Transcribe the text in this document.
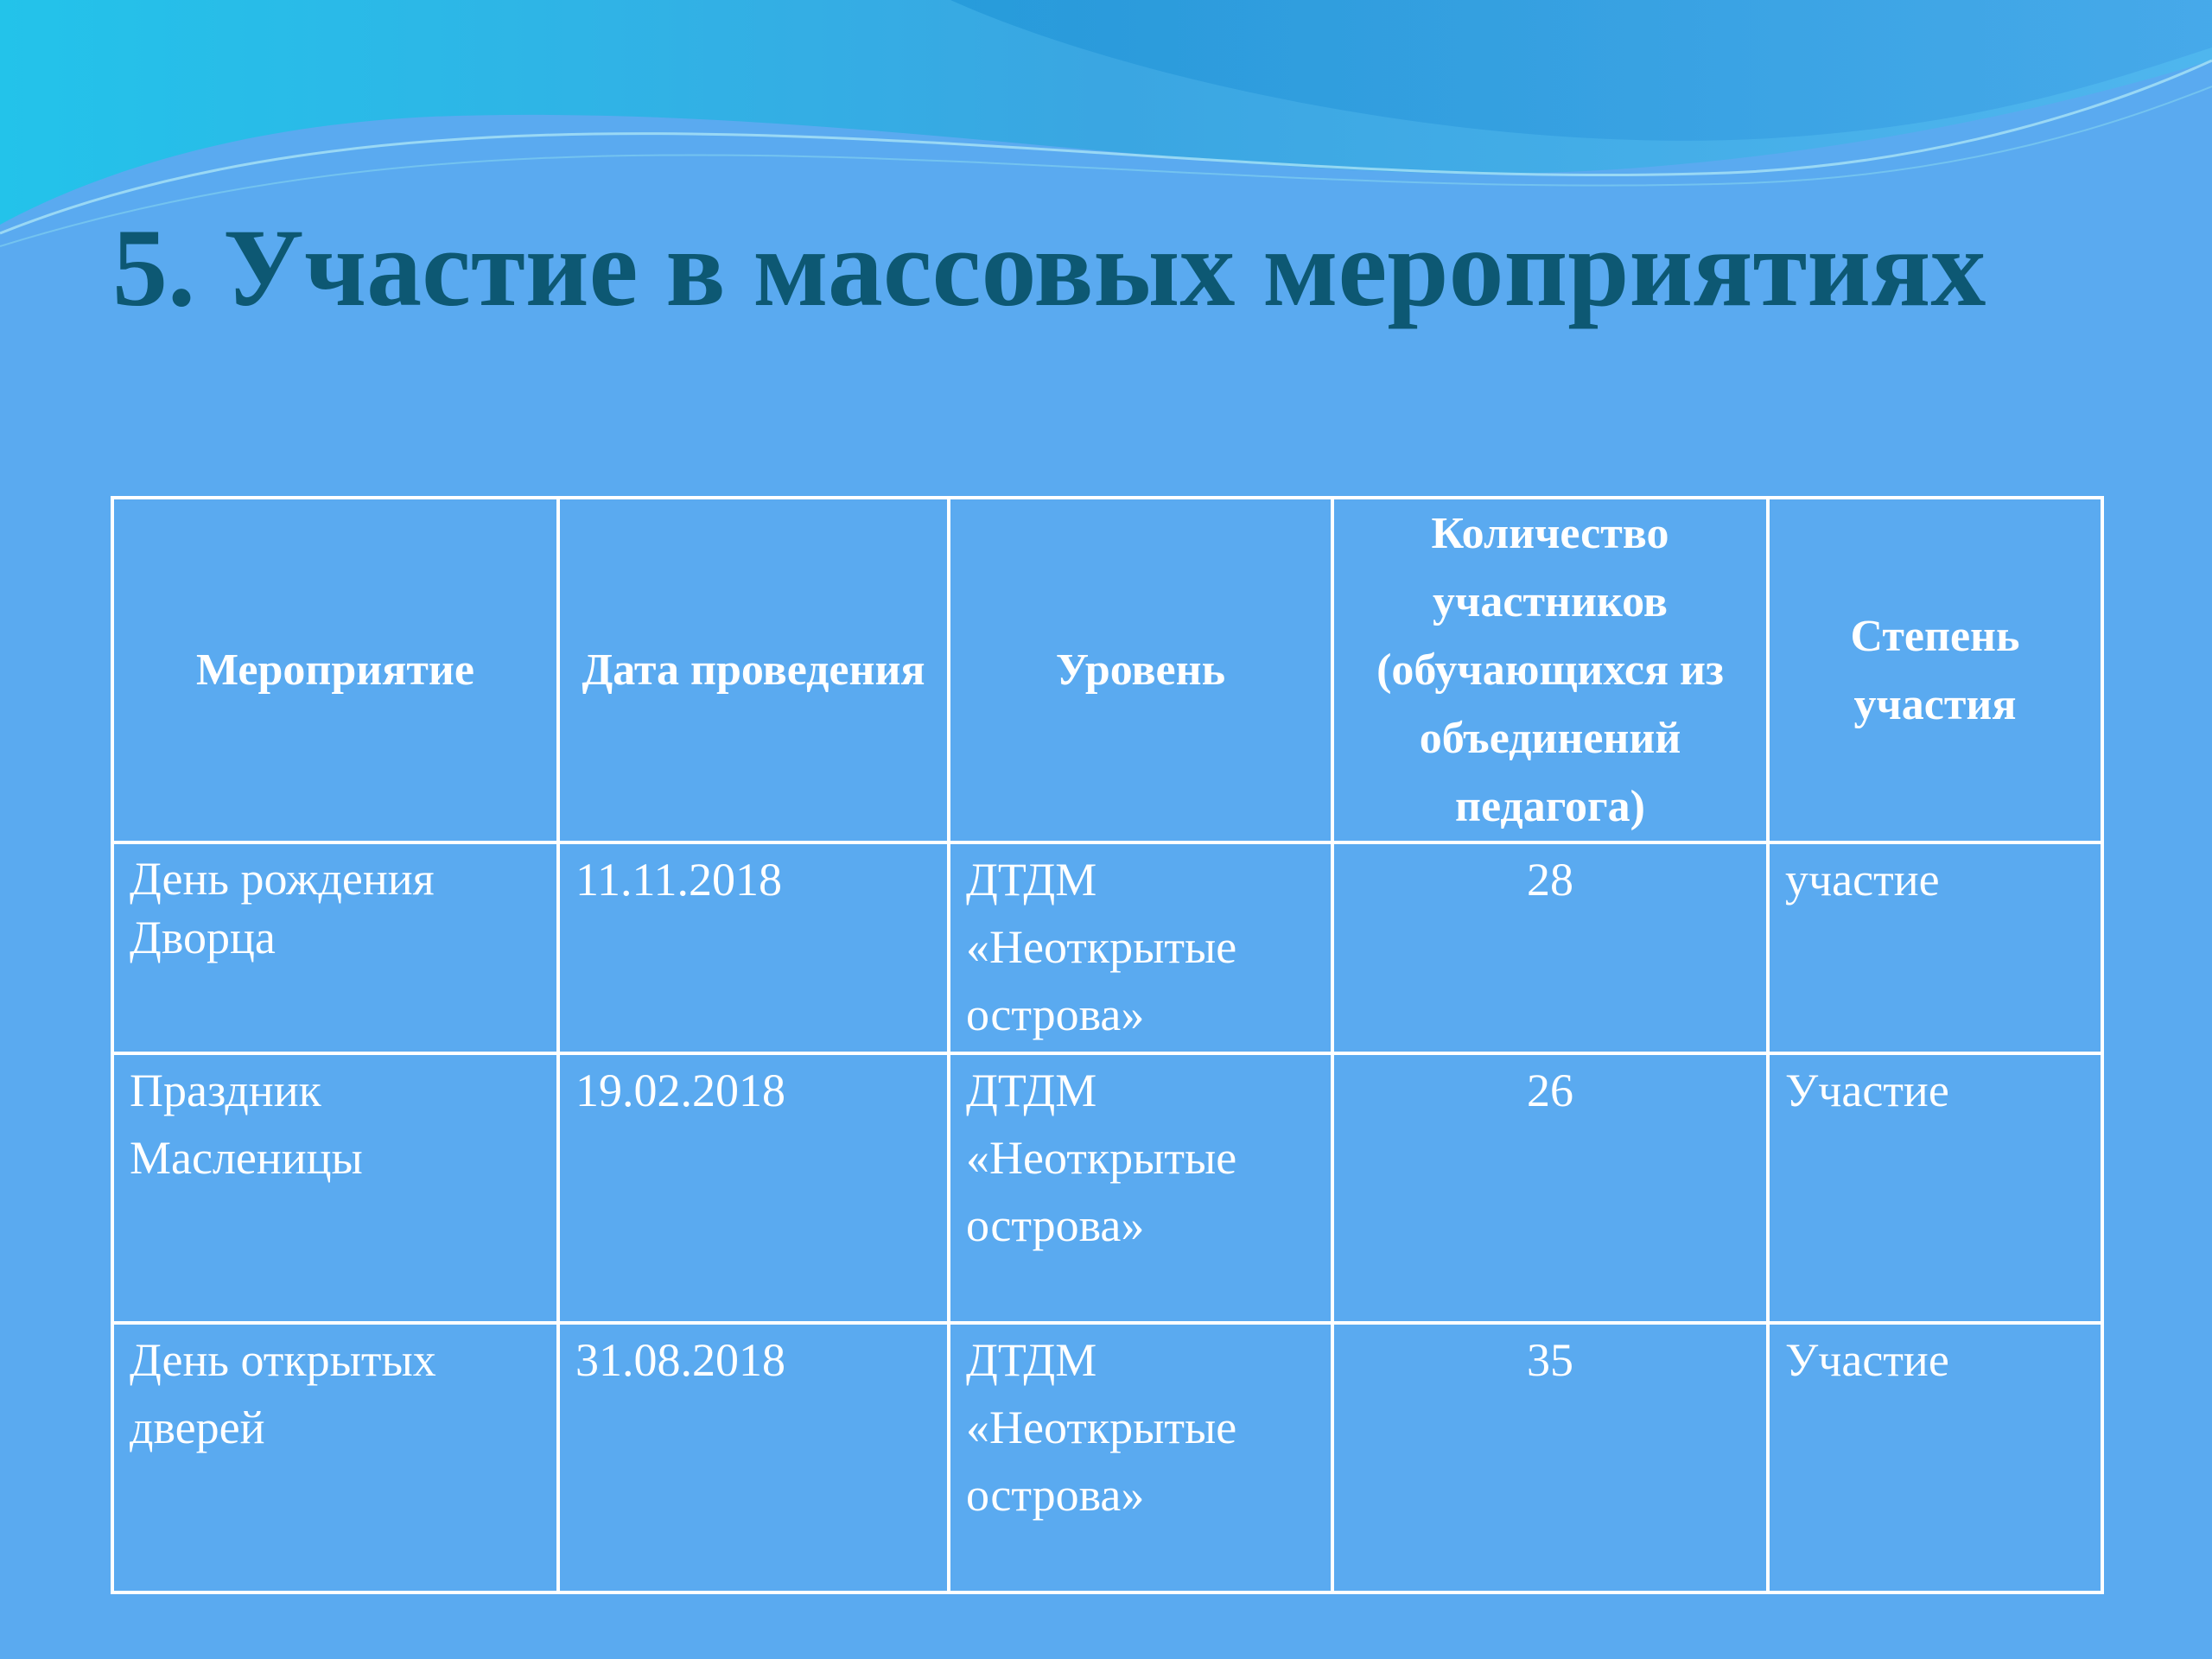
5. Участие в массовых мероприятиях
Мероприятие	Дата проведения	Уровень	Количество участников (обучающихся из объединений педагога)	Степень участия

День рождения Дворца	11.11.2018	ДТДМ «Неоткрытые острова»	28	участие

Праздник Масленицы	19.02.2018	ДТДМ «Неоткрытые острова»	26	Участие

День открытых дверей	31.08.2018	ДТДМ «Неоткрытые острова»	35	Участие
